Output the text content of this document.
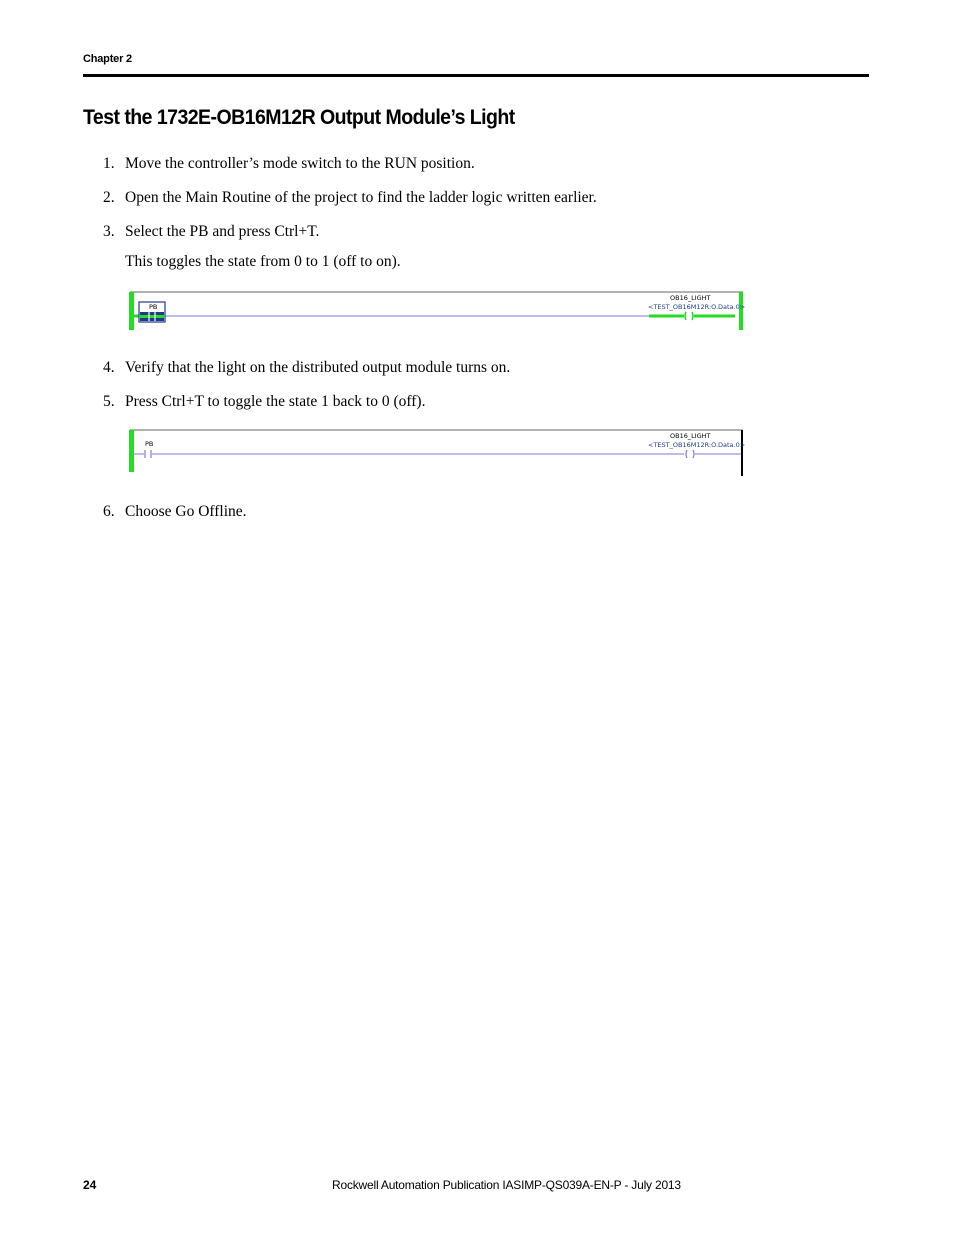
Chapter 2
Test the 1732E-OB16M12R Output Module’s Light
1. Move the controller’s mode switch to the RUN position.
2. Open the Main Routine of the project to find the ladder logic written earlier.
3. Select the PB and press Ctrl+T.
This toggles the state from 0 to 1 (off to on).
PB
OB16_LIGHT
<TEST_OB16M12R:O.Data.0>
4. Verify that the light on the distributed output module turns on.
5. Press Ctrl+T to toggle the state 1 back to 0 (off).
PB
OB16_LIGHT
<TEST_OB16M12R:O.Data.0>
6. Choose Go Offline.
24	Rockwell Automation Publication IASIMP-QS039A-EN-P - July 2013
